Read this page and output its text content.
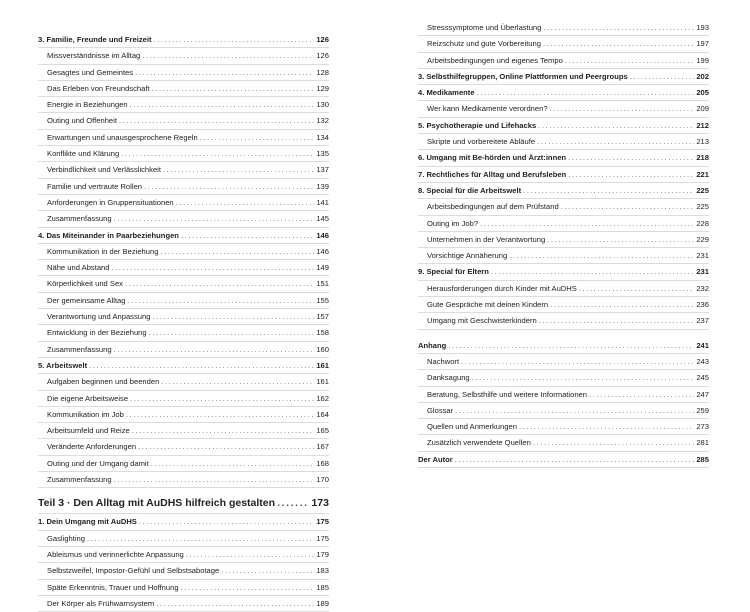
3. Familie, Freunde und Freizeit .....	126
Missverständnisse im Alltag .....	126
Gesagtes und Gemeintes .....	128
Das Erleben von Freundschaft .....	129
Energie in Beziehungen .....	130
Outing und Offenheit .....	132
Erwartungen und unausgesprochene Regeln .....	134
Konflikte und Klärung .....	135
Verbindlichkeit und Verlässlichkeit .....	137
Familie und vertraute Rollen .....	139
Anforderungen in Gruppensituationen .....	141
Zusammenfassung .....	145
4. Das Miteinander in Paarbeziehungen .....	146
Kommunikation in der Beziehung .....	146
Nähe und Abstand .....	149
Körperlichkeit und Sex .....	151
Der gemeinsame Alltag .....	155
Verantwortung und Anpassung .....	157
Entwicklung in der Beziehung .....	158
Zusammenfassung .....	160
5. Arbeitswelt .....	161
Aufgaben beginnen und beenden .....	161
Die eigene Arbeitsweise .....	162
Kommunikation im Job .....	164
Arbeitsumfeld und Reize .....	165
Veränderte Anforderungen .....	167
Outing und der Umgang damit .....	168
Zusammenfassung .....	170
Teil 3 · Den Alltag mit AuDHS hilfreich gestalten .....	173
1. Dein Umgang mit AuDHS .....	175
Gaslighting .....	175
Ableismus und verinnerlichte Anpassung .....	179
Selbstzweifel, Impostor-Gefühl und Selbstsabotage .....	183
Späte Erkenntnis, Trauer und Hoffnung .....	185
Der Körper als Frühwarnsystem .....	189
Stresssymptome und Überlastung .....	193
Reizschutz und gute Vorbereitung .....	197
Arbeitsbedingungen und eigenes Tempo .....	199
3. Selbsthilfegruppen, Online Plattformen und Peergroups .....	202
4. Medikamente .....	205
Wer kann Medikamente verordnen? .....	209
5. Psychotherapie und Lifehacks .....	212
Skripte und vorbereitete Abläufe .....	213
6. Umgang mit Be-hörden und Ärzt:innen .....	218
7. Rechtliches für Alltag und Berufsleben .....	221
8. Special für die Arbeitswelt .....	225
Arbeitsbedingungen auf dem Prüfstand .....	225
Outing im Job? .....	228
Unternehmen in der Verantwortung .....	229
Vorsichtige Annäherung .....	231
9. Special für Eltern .....	231
Herausforderungen durch Kinder mit AuDHS .....	232
Gute Gespräche mit deinen Kindern .....	236
Umgang mit Geschwisterkindern .....	237
Anhang .....	241
Nachwort .....	243
Danksagung .....	245
Beratung, Selbsthilfe und weitere Informationen .....	247
Glossar .....	259
Quellen und Anmerkungen .....	273
Zusätzlich verwendete Quellen .....	281
Der Autor .....	285
